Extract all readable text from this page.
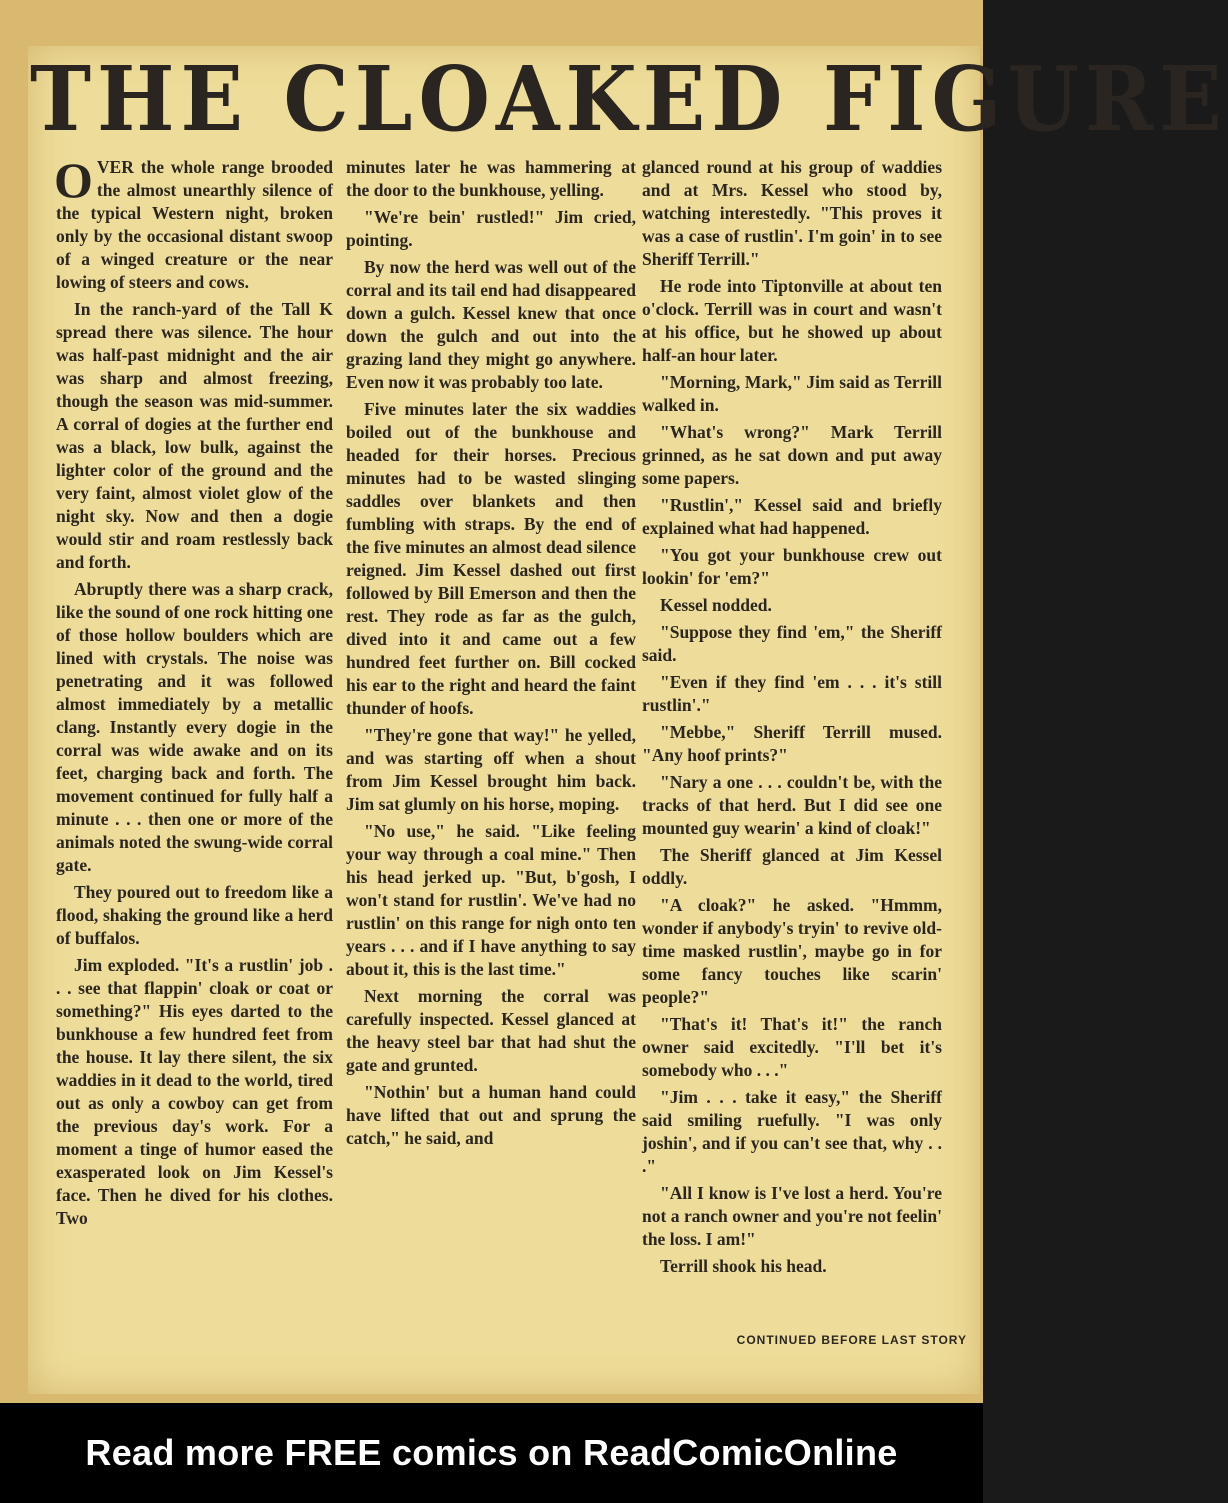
THE CLOAKED FIGURE

OVER the whole range brooded the almost unearthly silence of the typical Western night, broken only by the occasional distant swoop of a winged creature or the near lowing of steers and cows.

In the ranch-yard of the Tall K spread there was silence. The hour was half-past midnight and the air was sharp and almost freezing, though the season was mid-summer. A corral of dogies at the further end was a black, low bulk, against the lighter color of the ground and the very faint, almost violet glow of the night sky. Now and then a dogie would stir and roam restlessly back and forth.

Abruptly there was a sharp crack, like the sound of one rock hitting one of those hollow boulders which are lined with crystals. The noise was penetrating and it was followed almost immediately by a metallic clang. Instantly every dogie in the corral was wide awake and on its feet, charging back and forth. The movement continued for fully half a minute . . . then one or more of the animals noted the swung-wide corral gate.

They poured out to freedom like a flood, shaking the ground like a herd of buffalos.

Jim exploded. "It's a rustlin' job . . . see that flappin' cloak or coat or something?" His eyes darted to the bunkhouse a few hundred feet from the house. It lay there silent, the six waddies in it dead to the world, tired out as only a cowboy can get from the previous day's work. For a moment a tinge of humor eased the exasperated look on Jim Kessel's face. Then he dived for his clothes. Two

minutes later he was hammering at the door to the bunkhouse, yelling.

"We're bein' rustled!" Jim cried, pointing.

By now the herd was well out of the corral and its tail end had disappeared down a gulch. Kessel knew that once down the gulch and out into the grazing land they might go anywhere. Even now it was probably too late.

Five minutes later the six waddies boiled out of the bunkhouse and headed for their horses. Precious minutes had to be wasted slinging saddles over blankets and then fumbling with straps. By the end of the five minutes an almost dead silence reigned. Jim Kessel dashed out first followed by Bill Emerson and then the rest. They rode as far as the gulch, dived into it and came out a few hundred feet further on. Bill cocked his ear to the right and heard the faint thunder of hoofs.

"They're gone that way!" he yelled, and was starting off when a shout from Jim Kessel brought him back. Jim sat glumly on his horse, moping.

"No use," he said. "Like feeling your way through a coal mine." Then his head jerked up. "But, b'gosh, I won't stand for rustlin'. We've had no rustlin' on this range for nigh onto ten years . . . and if I have anything to say about it, this is the last time."

Next morning the corral was carefully inspected. Kessel glanced at the heavy steel bar that had shut the gate and grunted.

"Nothin' but a human hand could have lifted that out and sprung the catch," he said, and

glanced round at his group of waddies and at Mrs. Kessel who stood by, watching interestedly. "This proves it was a case of rustlin'. I'm goin' in to see Sheriff Terrill."

He rode into Tiptonville at about ten o'clock. Terrill was in court and wasn't at his office, but he showed up about half-an hour later.

"Morning, Mark," Jim said as Terrill walked in.

"What's wrong?" Mark Terrill grinned, as he sat down and put away some papers.

"Rustlin'," Kessel said and briefly explained what had happened.

"You got your bunkhouse crew out lookin' for 'em?"

Kessel nodded.

"Suppose they find 'em," the Sheriff said.

"Even if they find 'em . . . it's still rustlin'."

"Mebbe," Sheriff Terrill mused. "Any hoof prints?"

"Nary a one . . . couldn't be, with the tracks of that herd. But I did see one mounted guy wearin' a kind of cloak!"

The Sheriff glanced at Jim Kessel oddly.

"A cloak?" he asked. "Hmmm, wonder if anybody's tryin' to revive old-time masked rustlin', maybe go in for some fancy touches like scarin' people?"

"That's it! That's it!" the ranch owner said excitedly. "I'll bet it's somebody who . . ."

"Jim . . . take it easy," the Sheriff said smiling ruefully. "I was only joshin', and if you can't see that, why . . ."

"All I know is I've lost a herd. You're not a ranch owner and you're not feelin' the loss. I am!"

Terrill shook his head.

CONTINUED BEFORE LAST STORY

Read more FREE comics on ReadComicOnline
